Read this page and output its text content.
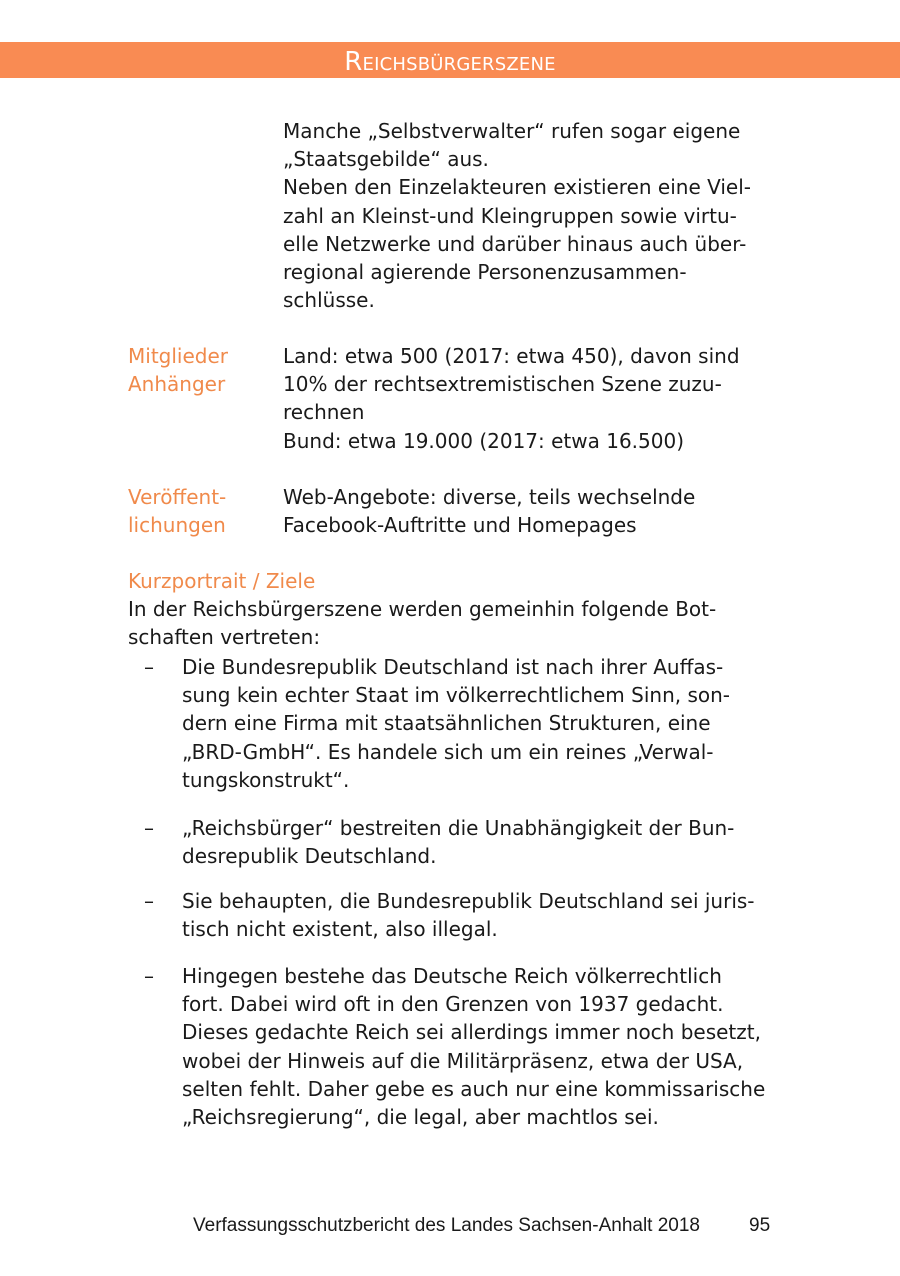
Reichsbürgerszene
Manche „Selbstverwalter“ rufen sogar eigene
„Staatsgebilde“ aus.
Neben den Einzelakteuren existieren eine Viel-
zahl an Kleinst-und Kleingruppen sowie virtu-
elle Netzwerke und darüber hinaus auch über-
regional agierende Personenzusammen-
schlüsse.
Mitglieder
Anhänger
Land: etwa 500 (2017: etwa 450), davon sind
10% der rechtsextremistischen Szene zuzu-
rechnen
Bund: etwa 19.000 (2017: etwa 16.500)
Veröffent-
lichungen
Web-Angebote: diverse, teils wechselnde
Facebook-Auftritte und Homepages
Kurzportrait / Ziele
In der Reichsbürgerszene werden gemeinhin folgende Bot-
schaften vertreten:
– Die Bundesrepublik Deutschland ist nach ihrer Auffas-
sung kein echter Staat im völkerrechtlichem Sinn, son-
dern eine Firma mit staatsähnlichen Strukturen, eine
„BRD-GmbH“. Es handele sich um ein reines „Verwal-
tungskonstrukt“.
– „Reichsbürger“ bestreiten die Unabhängigkeit der Bun-
desrepublik Deutschland.
– Sie behaupten, die Bundesrepublik Deutschland sei juris-
tisch nicht existent, also illegal.
– Hingegen bestehe das Deutsche Reich völkerrechtlich
fort. Dabei wird oft in den Grenzen von 1937 gedacht.
Dieses gedachte Reich sei allerdings immer noch besetzt,
wobei der Hinweis auf die Militärpräsenz, etwa der USA,
selten fehlt. Daher gebe es auch nur eine kommissarische
„Reichsregierung“, die legal, aber machtlos sei.
Verfassungsschutzbericht des Landes Sachsen-Anhalt 2018	95
